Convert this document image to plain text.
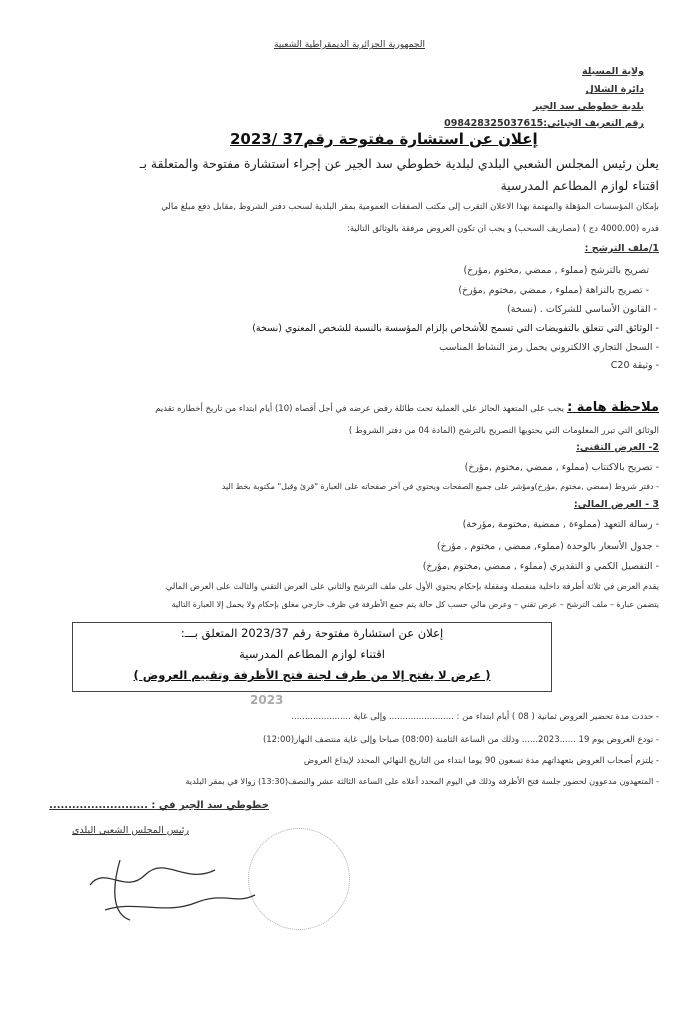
الجمهورية الجزائرية الديمقراطية الشعبية
ولاية المسيلة
دائرة الشلال
بلدية خطوطي سد الجير
رقم التعريف الجبائي:098428325037615
إعلان عن استشارة مفتوحة رقم37 /2023
يعلن رئيس المجلس الشعبي البلدي لبلدية خطوطي سد الجير عن إجراء استشارة مفتوحة والمتعلقة بـ
اقتناء لوازم المطاعم المدرسية
بإمكان المؤسسات المؤهلة والمهتمة بهذا الاعلان التقرب إلى مكتب الصفقات العمومية بمقر البلدية لسحب دفتر الشروط ,مقابل دفع مبلغ مالي
قدره (4000.00 دج ) (مصاريف السحب) و يجب ان تكون العروض مرفقة بالوثائق التالية:
1/ملف الترشح :
تصريح بالترشح (مملوء , ممضي ,مختوم ,مؤرخ)
- تصريح بالنزاهة (مملوء , ممضي ,مختوم ,مؤرخ)
- القانون الأساسي للشركات . (نسخة)
- الوثائق التي تتعلق بالتفويضات التي تسمح للأشخاص بإلزام المؤسسة بالنسبة للشخص المعنوي (نسخة)
- السجل التجاري الالكتروني يحمل رمز النشاط المناسب
- وثيقة C20
ملاحظة هامة : يجب على المتعهد الحائز على العملية تحت طائلة رفض عرضه في أجل أقصاه (10) أيام ابتداء من تاريخ أخطاره تقديم
الوثائق التي تبرر المعلومات التي يحتويها التصريح بالترشح (المادة 04 من دفتر الشروط )
2- العرض التقني:
- تصريح بالاكتتاب (مملوء , ممضي ,مختوم ,مؤرخ)
- دفتر شروط (ممضي ,مختوم ,مؤرخ)ومؤشر على جميع الصفحات ويحتوي في آخر صفحاته على العبارة "قرئ وقبل" مكتوبة بخط اليد
3 - العرض المالي:
- رسالة التعهد (مملوءة , ممضية ,مختومة ,مؤرخة)
- جدول الأسعار بالوحدة (مملوء, ممضي , مختوم , مؤرخ)
- التفصيل الكمي و التقديري (مملوء , ممضي ,مختوم ,مؤرخ)
يقدم العرض في ثلاثة أظرفة داخلية منفصلة ومقفلة بإحكام يحتوي الأول على ملف الترشح والثاني على العرض التقني والثالث على العرض المالي
يتضمن عبارة – ملف الترشح – عرض تقني – وعرض مالي حسب كل حالة يتم جمع الأظرفة في ظرف خارجي مغلق بإحكام ولا يحمل إلا العبارة التالية
إعلان عن استشارة مفتوحة رقم 2023/37 المتعلق بـــ:
اقتناء لوازم المطاعم المدرسية
( عرض لا يفتح إلا من طرف لجنة فتح الأظرفة وتقييم العروض )
2023
- حددت مدة تحضير العروض ثمانية ( 08 ) أيام ابتداء من : ........................ وإلى غاية ......................
- تودع العروض يوم 19 ......2023...... وذلك من الساعة الثامنة (08:00) صباحا وإلى غاية منتصف النهار(12:00)
- يلتزم أصحاب العروض بتعهداتهم مدة تسعون 90 يوما ابتداء من التاريخ النهائي المحدد لإيداع العروض
- المتعهدون مدعوون لحضور جلسة فتح الأظرفة وذلك في اليوم المحدد أعلاه على الساعة الثالثة عشر والنصف(13:30) زوالا في بمقر البلدية
خطوطي سد الجير في : ..........................
رئيس المجلس الشعبي البلدي
